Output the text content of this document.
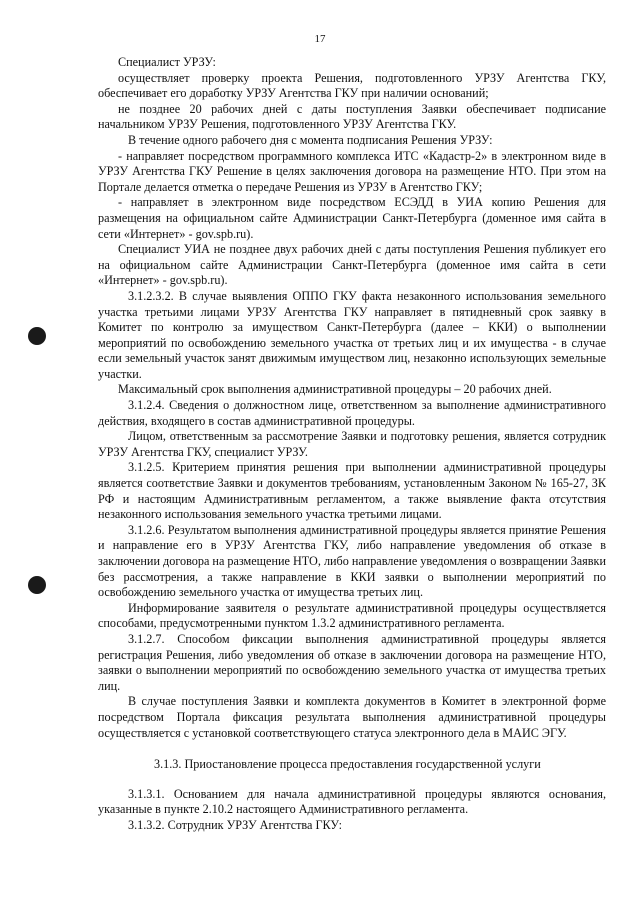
17

Специалист УРЗУ:

осуществляет проверку проекта Решения, подготовленного УРЗУ Агентства ГКУ, обеспечивает его доработку УРЗУ Агентства ГКУ при наличии оснований;

не позднее 20 рабочих дней с даты поступления Заявки обеспечивает подписание начальником УРЗУ Решения, подготовленного УРЗУ Агентства ГКУ.

В течение одного рабочего дня с момента подписания Решения УРЗУ:

- направляет посредством программного комплекса ИТС «Кадастр-2» в электронном виде в УРЗУ Агентства ГКУ Решение в целях заключения договора на размещение НТО. При этом на Портале делается отметка о передаче Решения из УРЗУ в Агентство ГКУ;

- направляет в электронном виде посредством ЕСЭДД в УИА копию Решения для размещения на официальном сайте Администрации Санкт-Петербурга (доменное имя сайта в сети «Интернет» - gov.spb.ru).

Специалист УИА не позднее двух рабочих дней с даты поступления Решения публикует его на официальном сайте Администрации Санкт-Петербурга (доменное имя сайта в сети «Интернет» - gov.spb.ru).

3.1.2.3.2. В случае выявления ОППО ГКУ факта незаконного использования земельного участка третьими лицами УРЗУ Агентства ГКУ направляет в пятидневный срок заявку в Комитет по контролю за имуществом Санкт-Петербурга (далее – ККИ) о выполнении мероприятий по освобождению земельного участка от третьих лиц и их имущества - в случае если земельный участок занят движимым имуществом лиц, незаконно использующих земельные участки.

Максимальный срок выполнения административной процедуры – 20 рабочих дней.

3.1.2.4. Сведения о должностном лице, ответственном за выполнение административного действия, входящего в состав административной процедуры.

Лицом, ответственным за рассмотрение Заявки и подготовку решения, является сотрудник УРЗУ Агентства ГКУ, специалист УРЗУ.

3.1.2.5. Критерием принятия решения при выполнении административной процедуры является соответствие Заявки и документов требованиям, установленным Законом № 165-27, ЗК РФ и настоящим Административным регламентом, а также выявление факта отсутствия незаконного использования земельного участка третьими лицами.

3.1.2.6. Результатом выполнения административной процедуры является принятие Решения и направление его в УРЗУ Агентства ГКУ, либо направление уведомления об отказе в заключении договора на размещение НТО, либо направление уведомления о возвращении Заявки без рассмотрения, а также направление в ККИ заявки о выполнении мероприятий по освобождению земельного участка от имущества третьих лиц.

Информирование заявителя о результате административной процедуры осуществляется способами, предусмотренными пунктом 1.3.2 административного регламента.

3.1.2.7. Способом фиксации выполнения административной процедуры является регистрация Решения, либо уведомления об отказе в заключении договора на размещение НТО, заявки о выполнении мероприятий по освобождению земельного участка от имущества третьих лиц.

В случае поступления Заявки и комплекта документов в Комитет в электронной форме посредством Портала фиксация результата выполнения административной процедуры осуществляется с установкой соответствующего статуса электронного дела в МАИС ЭГУ.

3.1.3. Приостановление процесса предоставления государственной услуги

3.1.3.1. Основанием для начала административной процедуры являются основания, указанные в пункте 2.10.2 настоящего Административного регламента.

3.1.3.2. Сотрудник УРЗУ Агентства ГКУ:
